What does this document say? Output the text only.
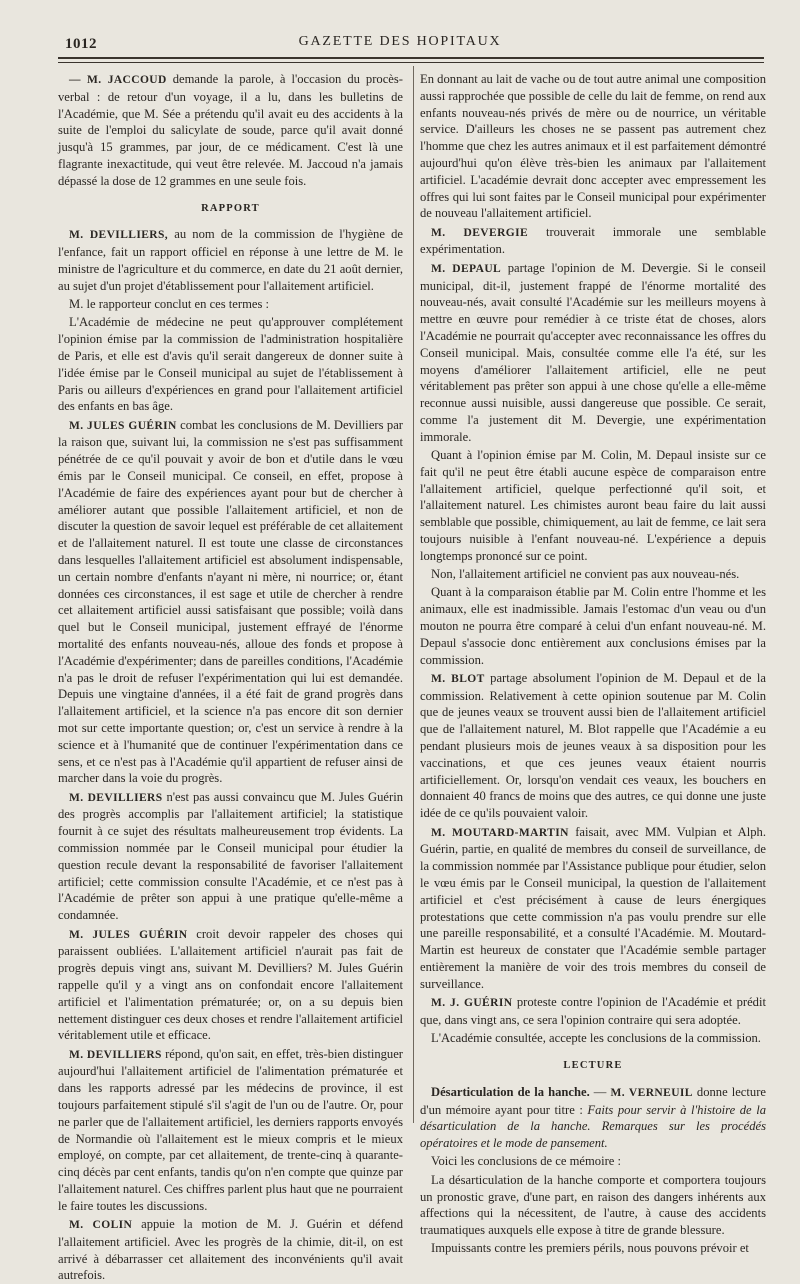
1012	GAZETTE DES HOPITAUX

— M. JACCOUD demande la parole, à l'occasion du procès-verbal : de retour d'un voyage, il a lu, dans les bulletins de l'Académie, que M. Sée a prétendu qu'il avait eu des accidents à la suite de l'emploi du salicylate de soude, parce qu'il avait donné jusqu'à 15 grammes, par jour, de ce médicament. C'est là une flagrante inexactitude, qui veut être relevée. M. Jaccoud n'a jamais dépassé la dose de 12 grammes en une seule fois.

RAPPORT

M. DEVILLIERS, au nom de la commission de l'hygiène de l'enfance, fait un rapport officiel en réponse à une lettre de M. le ministre de l'agriculture et du commerce, en date du 21 août dernier, au sujet d'un projet d'établissement pour l'allaitement artificiel.

M. le rapporteur conclut en ces termes :

L'Académie de médecine ne peut qu'approuver complétement l'opinion émise par la commission de l'administration hospitalière de Paris, et elle est d'avis qu'il serait dangereux de donner suite à l'idée émise par le Conseil municipal au sujet de l'établissement à Paris ou ailleurs d'expériences en grand pour l'allaitement artificiel des enfants en bas âge.

M. JULES GUÉRIN combat les conclusions de M. Devilliers par la raison que, suivant lui, la commission ne s'est pas suffisamment pénétrée de ce qu'il pouvait y avoir de bon et d'utile dans le vœu émis par le Conseil municipal. Ce conseil, en effet, propose à l'Académie de faire des expériences ayant pour but de chercher à améliorer autant que possible l'allaitement artificiel, et non de discuter la question de savoir lequel est préférable de cet allaitement et de l'allaitement naturel. Il est toute une classe de circonstances dans lesquelles l'allaitement artificiel est absolument indispensable, un certain nombre d'enfants n'ayant ni mère, ni nourrice; or, étant données ces circonstances, il est sage et utile de chercher à rendre cet allaitement artificiel aussi satisfaisant que possible; voilà dans quel but le Conseil municipal, justement effrayé de l'énorme mortalité des enfants nouveau-nés, alloue des fonds et propose à l'Académie d'expérimenter; dans de pareilles conditions, l'Académie n'a pas le droit de refuser l'expérimentation qui lui est demandée. Depuis une vingtaine d'années, il a été fait de grand progrès dans l'allaitement artificiel, et la science n'a pas encore dit son dernier mot sur cette importante question; or, c'est un service à rendre à la science et à l'humanité que de continuer l'expérimentation dans ce sens, et ce n'est pas à l'Académie qu'il appartient de refuser ainsi de marcher dans la voie du progrès.

M. DEVILLIERS n'est pas aussi convaincu que M. Jules Guérin des progrès accomplis par l'allaitement artificiel; la statistique fournit à ce sujet des résultats malheureusement trop évidents. La commission nommée par le Conseil municipal pour étudier la question recule devant la responsabilité de favoriser l'allaitement artificiel; cette commission consulte l'Académie, et ce n'est pas à l'Académie de prêter son appui à une pratique qu'elle-même a condamnée.

M. JULES GUÉRIN croit devoir rappeler des choses qui paraissent oubliées. L'allaitement artificiel n'aurait pas fait de progrès depuis vingt ans, suivant M. Devilliers? M. Jules Guérin rappelle qu'il y a vingt ans on confondait encore l'allaitement artificiel et l'alimentation prématurée; or, on a su depuis bien nettement distinguer ces deux choses et rendre l'allaitement artificiel véritablement utile et efficace.

M. DEVILLIERS répond, qu'on sait, en effet, très-bien distinguer aujourd'hui l'allaitement artificiel de l'alimentation prématurée et dans les rapports adressé par les médecins de province, il est toujours parfaitement stipulé s'il s'agit de l'un ou de l'autre. Or, pour ne parler que de l'allaitement artificiel, les derniers rapports envoyés de Normandie où l'allaitement est le mieux compris et le mieux employé, on compte, par cet allaitement, de trente-cinq à quarante-cinq décès par cent enfants, tandis qu'on n'en compte que quinze par l'allaitement naturel. Ces chiffres parlent plus haut que ne pourraient le faire toutes les discussions.

M. COLIN appuie la motion de M. J. Guérin et défend l'allaitement artificiel. Avec les progrès de la chimie, dit-il, on est arrivé à débarrasser cet allaitement des inconvénients qu'il avait autrefois.

En donnant au lait de vache ou de tout autre animal une composition aussi rapprochée que possible de celle du lait de femme, on rend aux enfants nouveau-nés privés de mère ou de nourrice, un véritable service. D'ailleurs les choses ne se passent pas autrement chez l'homme que chez les autres animaux et il est parfaitement démontré aujourd'hui qu'on élève très-bien les animaux par l'allaitement artificiel. L'académie devrait donc accepter avec empressement les offres qui lui sont faites par le Conseil municipal pour expérimenter de nouveau l'allaitement artificiel.

M. DEVERGIE trouverait immorale une semblable expérimentation.

M. DEPAUL partage l'opinion de M. Devergie. Si le conseil municipal, dit-il, justement frappé de l'énorme mortalité des nouveau-nés, avait consulté l'Académie sur les meilleurs moyens à mettre en œuvre pour remédier à ce triste état de choses, alors l'Académie ne pourrait qu'accepter avec reconnaissance les offres du Conseil municipal. Mais, consultée comme elle l'a été, sur les moyens d'améliorer l'allaitement artificiel, elle ne peut véritablement pas prêter son appui à une chose qu'elle a elle-même reconnue aussi nuisible, aussi dangereuse que possible. Ce serait, comme l'a justement dit M. Devergie, une expérimentation immorale.

Quant à l'opinion émise par M. Colin, M. Depaul insiste sur ce fait qu'il ne peut être établi aucune espèce de comparaison entre l'allaitement artificiel, quelque perfectionné qu'il soit, et l'allaitement naturel. Les chimistes auront beau faire du lait aussi semblable que possible, chimiquement, au lait de femme, ce lait sera toujours nuisible à l'enfant nouveau-né. L'expérience a depuis longtemps prononcé sur ce point.

Non, l'allaitement artificiel ne convient pas aux nouveau-nés.

Quant à la comparaison établie par M. Colin entre l'homme et les animaux, elle est inadmissible. Jamais l'estomac d'un veau ou d'un mouton ne pourra être comparé à celui d'un enfant nouveau-né. M. Depaul s'associe donc entièrement aux conclusions émises par la commission.

M. BLOT partage absolument l'opinion de M. Depaul et de la commission. Relativement à cette opinion soutenue par M. Colin que de jeunes veaux se trouvent aussi bien de l'allaitement artificiel que de l'allaitement naturel, M. Blot rappelle que l'Académie a eu pendant plusieurs mois de jeunes veaux à sa disposition pour les vaccinations, et que ces jeunes veaux étaient nourris artificiellement. Or, lorsqu'on vendait ces veaux, les bouchers en donnaient 40 francs de moins que des autres, ce qui donne une juste idée de ce qu'ils pouvaient valoir.

M. MOUTARD-MARTIN faisait, avec MM. Vulpian et Alph. Guérin, partie, en qualité de membres du conseil de surveillance, de la commission nommée par l'Assistance publique pour étudier, selon le vœu émis par le Conseil municipal, la question de l'allaitement artificiel et c'est précisément à cause de leurs énergiques protestations que cette commission n'a pas voulu prendre sur elle une pareille responsabilité, et a consulté l'Académie. M. Moutard-Martin est heureux de constater que l'Académie semble partager entièrement la manière de voir des trois membres du conseil de surveillance.

M. J. GUÉRIN proteste contre l'opinion de l'Académie et prédit que, dans vingt ans, ce sera l'opinion contraire qui sera adoptée.

L'Académie consultée, accepte les conclusions de la commission.

LECTURE

Désarticulation de la hanche. — M. VERNEUIL donne lecture d'un mémoire ayant pour titre : Faits pour servir à l'histoire de la désarticulation de la hanche. Remarques sur les procédés opératoires et le mode de pansement.

Voici les conclusions de ce mémoire :

La désarticulation de la hanche comporte et comportera toujours un pronostic grave, d'une part, en raison des dangers inhérents aux affections qui la nécessitent, de l'autre, à cause des accidents traumatiques auxquels elle expose à titre de grande blessure.

Impuissants contre les premiers périls, nous pouvons prévoir et
